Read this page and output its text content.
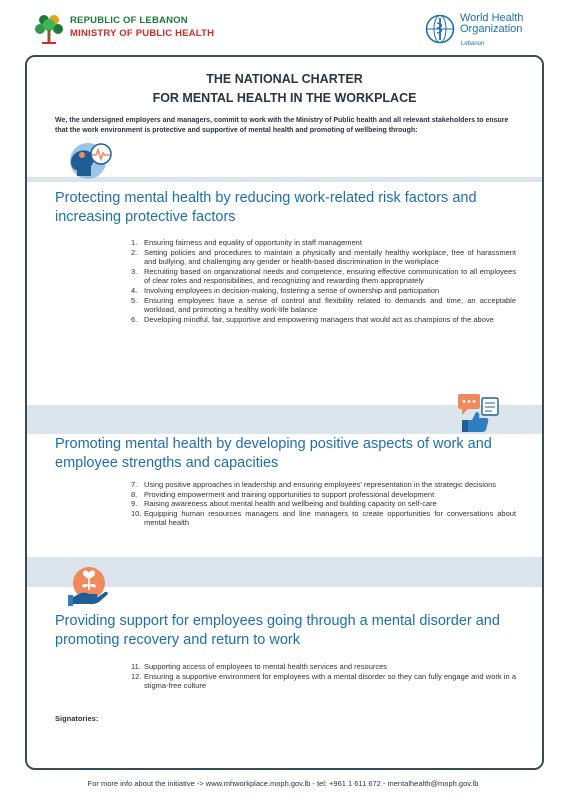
REPUBLIC OF LEBANON
MINISTRY OF PUBLIC HEALTH
World Health
Organization
Lebanon
THE NATIONAL CHARTER
FOR MENTAL HEALTH IN THE WORKPLACE
We, the undersigned employers and managers, commit to work with the Ministry of Public health and all relevant stakeholders to ensure that the work environment is protective and supportive of mental health and promoting of wellbeing through:
Protecting mental health by reducing work-related risk factors and increasing protective factors
1. Ensuring fairness and equality of opportunity in staff management
2. Setting policies and procedures to maintain a physically and mentally healthy workplace, free of harassment and bullying, and challenging any gender or health-based discrimination in the workplace
3. Recruiting based on organizational needs and competence, ensuring effective communication to all employees of clear roles and responsibilities, and recognizing and rewarding them appropriately
4. Involving employees in decision-making, fostering a sense of ownership and participation
5. Ensuring employees have a sense of control and flexibility related to demands and time, an acceptable workload, and promoting a healthy work-life balance
6. Developing mindful, fair, supportive and empowering managers that would act as champions of the above
Promoting mental health by developing positive aspects of work and employee strengths and capacities
7. Using positive approaches in leadership and ensuring employees' representation in the strategic decisions
8. Providing empowerment and training opportunities to support professional development
9. Raising awareness about mental health and wellbeing and building capacity on self-care
10. Equipping human resources managers and line managers to create opportunities for conversations about mental health
Providing support for employees going through a mental disorder and promoting recovery and return to work
11. Supporting access of employees to mental health services and resources
12. Ensuring a supportive environment for employees with a mental disorder so they can fully engage and work in a stigma-free culture
Signatories:
For more info about the initiative -> www.mhworkplace.moph.gov.lb - tel: +961 1 611 672 - mentalhealth@moph.gov.lb
